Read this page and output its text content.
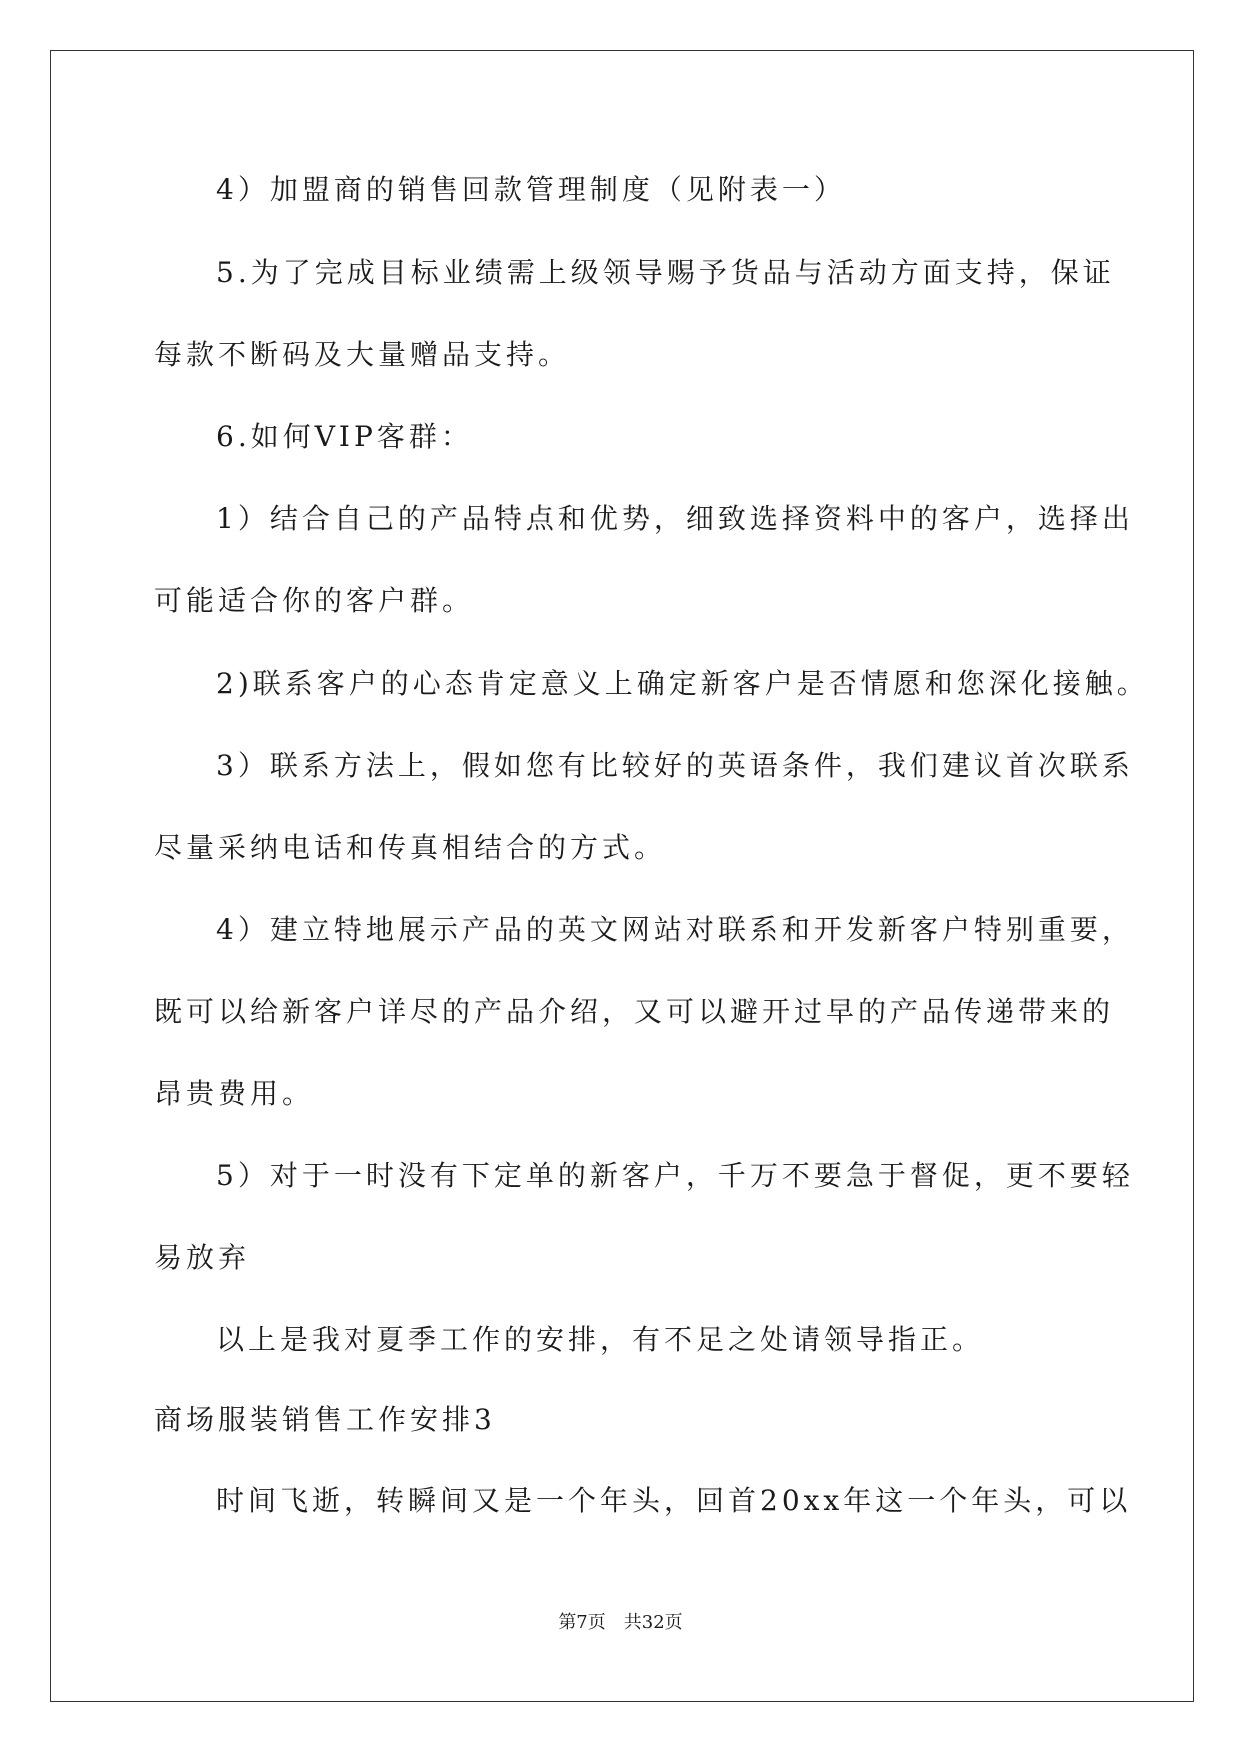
4）加盟商的销售回款管理制度（见附表一）

5.为了完成目标业绩需上级领导赐予货品与活动方面支持，保证

每款不断码及大量赠品支持。

6.如何VIP客群：

1）结合自己的产品特点和优势，细致选择资料中的客户，选择出

可能适合你的客户群。

2)联系客户的心态肯定意义上确定新客户是否情愿和您深化接触。

3）联系方法上，假如您有比较好的英语条件，我们建议首次联系

尽量采纳电话和传真相结合的方式。

4）建立特地展示产品的英文网站对联系和开发新客户特别重要，

既可以给新客户详尽的产品介绍，又可以避开过早的产品传递带来的

昂贵费用。

5）对于一时没有下定单的新客户，千万不要急于督促，更不要轻

易放弃

以上是我对夏季工作的安排，有不足之处请领导指正。

商场服装销售工作安排3

时间飞逝，转瞬间又是一个年头，回首20xx年这一个年头，可以

第7页 共32页
